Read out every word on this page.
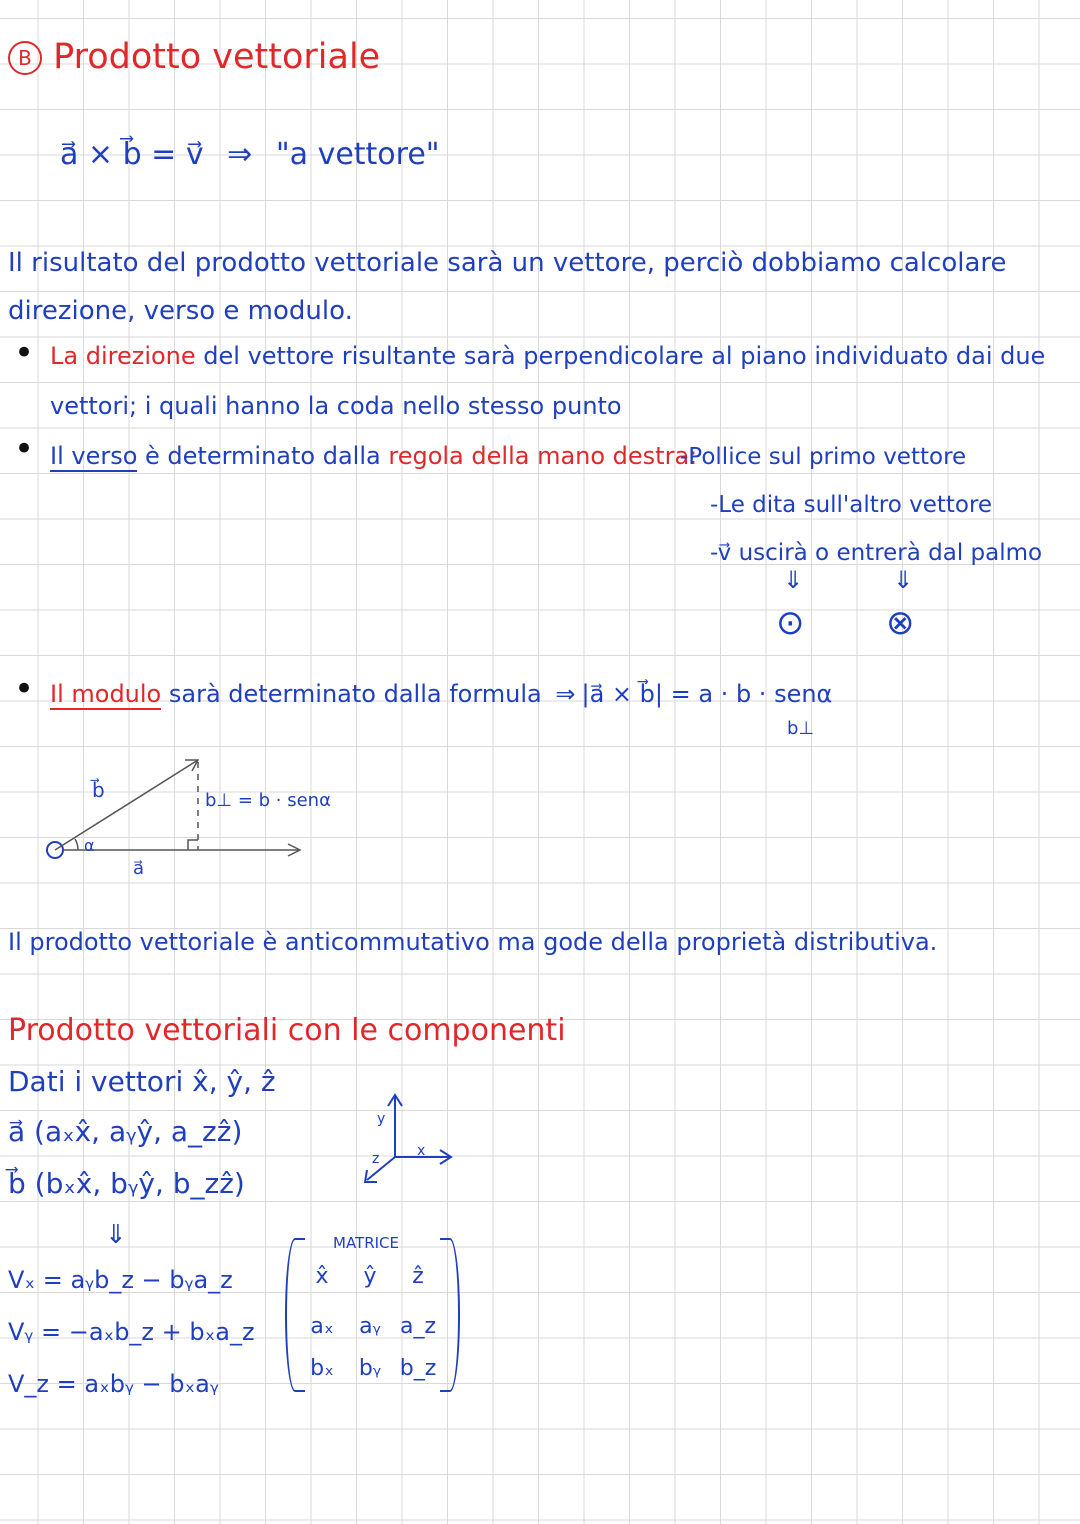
B Prodotto vettoriale
a⃗ × b⃗ = v⃗ ⇒ "a vettore"
Il risultato del prodotto vettoriale sarà un vettore, perciò dobbiamo calcolare
direzione, verso e modulo.
• La direzione del vettore risultante sarà perpendicolare al piano individuato dai due
vettori; i quali hanno la coda nello stesso punto
• Il verso è determinato dalla regola della mano destra:
-Pollice sul primo vettore
-Le dita sull'altro vettore
-v⃗ uscirà o entrerà dal palmo
⇓	⇓
⊙ ⊗
• Il modulo sarà determinato dalla formula ⇒ |a⃗ × b⃗| = a · b · senα
b⊥
b⃗
a⃗
α
b⊥ = b · senα
Il prodotto vettoriale è anticommutativo ma gode della proprietà distributiva.
Prodotto vettoriali con le componenti
Dati i vettori x̂, ŷ, ẑ
a⃗ (aₓx̂, aᵧŷ, a_zẑ)
b⃗ (bₓx̂, bᵧŷ, b_zẑ)
⇓
Vₓ = aᵧb_z − bᵧa_z
Vᵧ = −aₓb_z + bₓa_z
V_z = aₓbᵧ − bₓaᵧ
y
x
z
MATRICE
x̂	ŷ	ẑ
aₓ	aᵧ a_z
bₓ	bᵧ b_z
